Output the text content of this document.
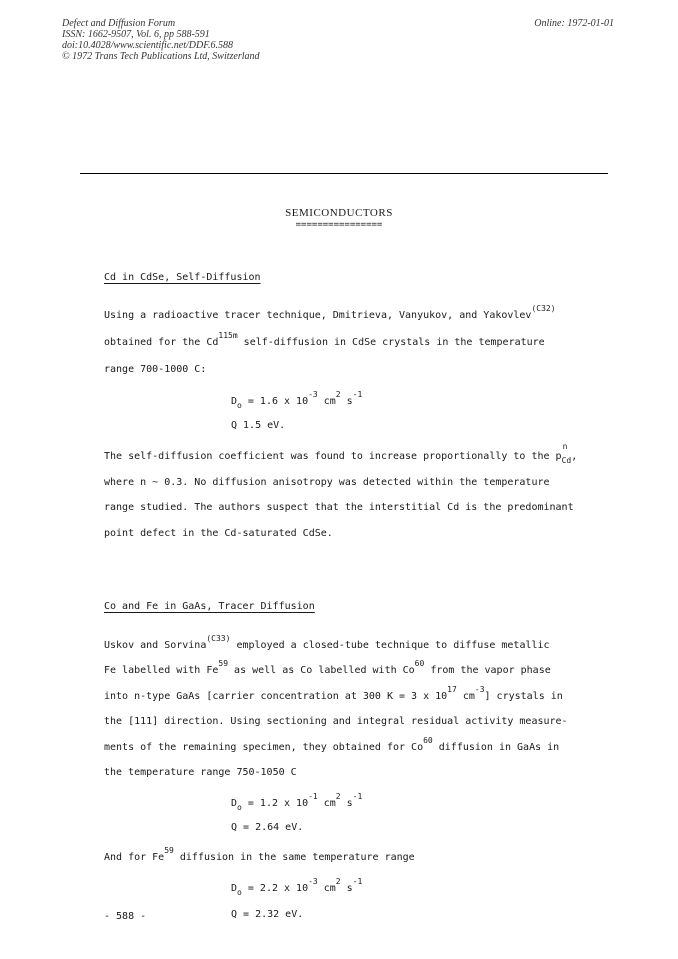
Defect and Diffusion Forum
ISSN: 1662-9507, Vol. 6, pp 588-591
doi:10.4028/www.scientific.net/DDF.6.588
© 1972 Trans Tech Publications Ltd, Switzerland
Online: 1972-01-01
SEMICONDUCTORS
================
Cd in CdSe, Self-Diffusion
Using a radioactive tracer technique, Dmitrieva, Vanyukov, and Yakovlev$^{(C32)}$
obtained for the $Cd^{115m}$ self-diffusion in CdSe crystals in the temperature
range 700-1000 C:
$D_o = 1.6$ x $10^{-3}$ $cm^2$ $s^{-1}$
Q 1.5 eV.
The self-diffusion coefficient was found to increase proportionally to the p
n
$_{Cd}$,
where n ~ 0.3. No diffusion anisotropy was detected within the temperature
range studied. The authors suspect that the interstitial Cd is the predominant
point defect in the Cd-saturated CdSe.
Co and Fe in GaAs, Tracer Diffusion
Uskov and Sorvina$^{(C33)}$ employed a closed-tube technique to diffuse metallic
Fe labelled with Fe$^{59}$ as well as Co labelled with Co$^{60}$ from the vapor phase
into n-type GaAs [carrier concentration at 300 K = 3 x $10^{17}$ $cm^{-3}$] crystals in
the [111] direction. Using sectioning and integral residual activity measure-
ments of the remaining specimen, they obtained for Co$^{60}$ diffusion in GaAs in
the temperature range 750-1050 C
$D_o = 1.2$ x $10^{-1}$ $cm^2$ $s^{-1}$
Q = 2.64 eV.
And for Fe$^{59}$ diffusion in the same temperature range
$D_o = 2.2$ x $10^{-3}$ $cm^2$ $s^{-1}$
Q = 2.32 eV.
- 588 -
